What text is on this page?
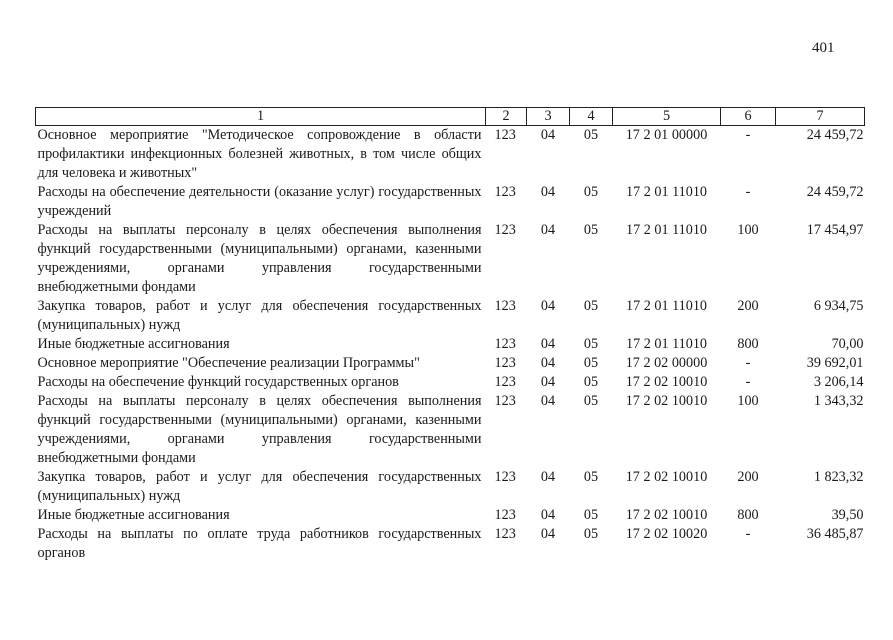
401
1	2	3	4	5	6	7
Основное мероприятие "Методическое сопровождение в области профилактики инфекционных болезней животных, в том числе общих для человека и животных"	123	04	05	17 2 01 00000	-	24 459,72
Расходы на обеспечение деятельности (оказание услуг) государственных учреждений	123	04	05	17 2 01 11010	-	24 459,72
Расходы на выплаты персоналу в целях обеспечения выполнения функций государственными (муниципальными) органами, казенными учреждениями, органами управления государственными внебюджетными фондами	123	04	05	17 2 01 11010	100	17 454,97
Закупка товаров, работ и услуг для обеспечения государственных (муниципальных) нужд	123	04	05	17 2 01 11010	200	6 934,75
Иные бюджетные ассигнования	123	04	05	17 2 01 11010	800	70,00
Основное мероприятие "Обеспечение реализации Программы"	123	04	05	17 2 02 00000	-	39 692,01
Расходы на обеспечение функций государственных органов	123	04	05	17 2 02 10010	-	3 206,14
Расходы на выплаты персоналу в целях обеспечения выполнения функций государственными (муниципальными) органами, казенными учреждениями, органами управления государственными внебюджетными фондами	123	04	05	17 2 02 10010	100	1 343,32
Закупка товаров, работ и услуг для обеспечения государственных (муниципальных) нужд	123	04	05	17 2 02 10010	200	1 823,32
Иные бюджетные ассигнования	123	04	05	17 2 02 10010	800	39,50
Расходы на выплаты по оплате труда работников государственных органов	123	04	05	17 2 02 10020	-	36 485,87
